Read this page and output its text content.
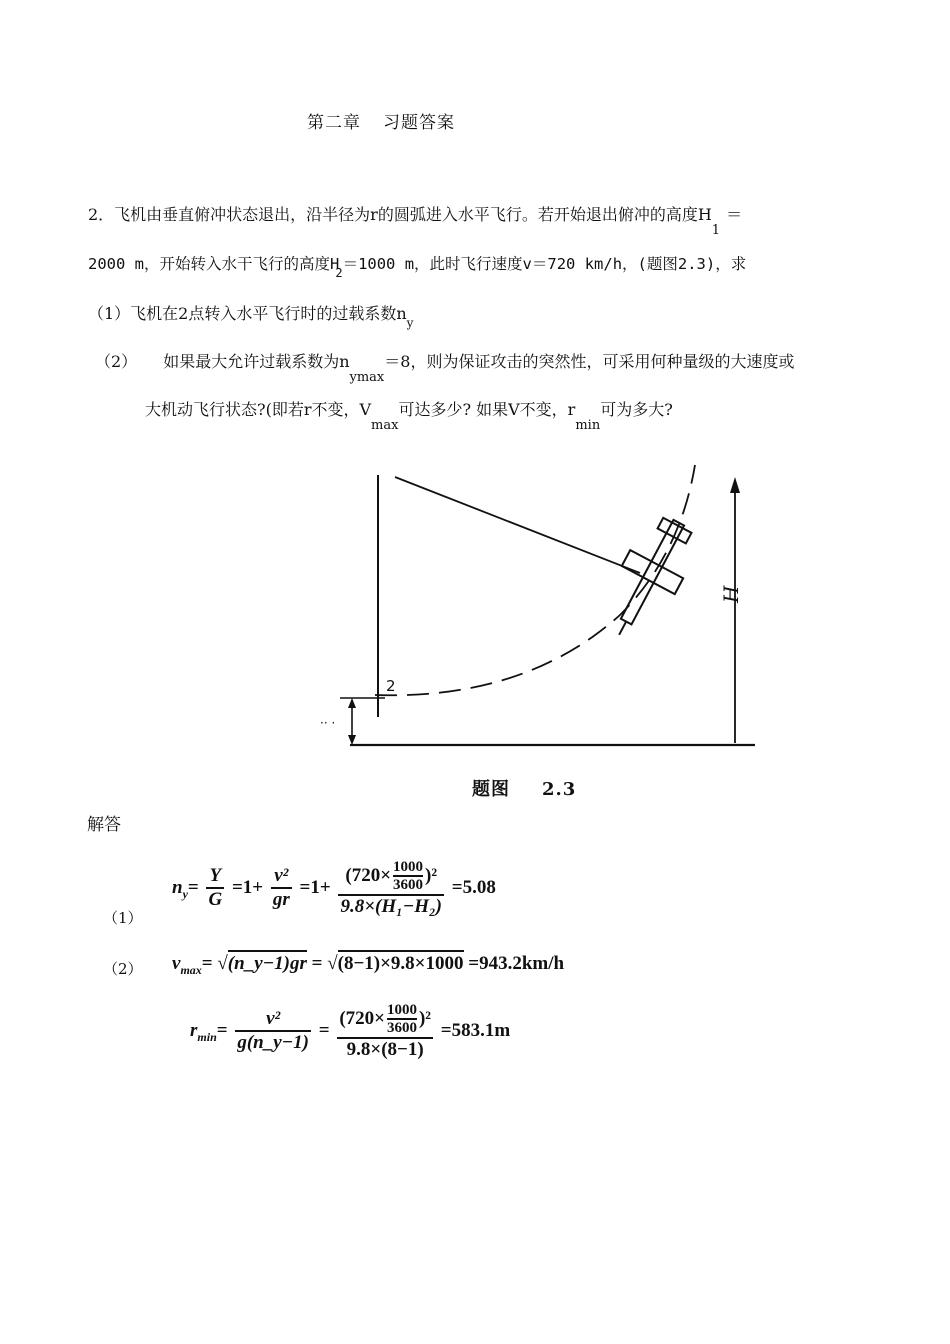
第二章 习题答案
2．飞机由垂直俯冲状态退出，沿半径为r的圆弧进入水平飞行。若开始退出俯冲的高度$H_1=$
2000 m，开始转入水干飞行的高度$H_2=1000$ m，此时飞行速度v＝720 km/h，(题图2.3)，求
（1）飞机在2点转入水平飞行时的过载系数$n_y$
（2） 如果最大允许过载系数为$n_{ymax}=8$，则为保证攻击的突然性，可采用何种量级的大速度或
大机动飞行状态?(即若r不变，$V_{max}$可达多少? 如果V不变，$r_{min}$可为多大?
2
·· ·
H
题图 2.3
解答
（1）
$n_y= \frac{Y}{G} =1+ \frac{\text{v²}}{gr} =1+ \frac{(720\times \frac{1000}{3600} )^2}{\text{9.8×(H₁−H₂)}} =5.08$
（2） $v_{max}=$ √(n_y−1)gr = √(8−1)×9.8×1000 =943.2km/h
$r_{min}= \frac{\text{v²}}{g(n\_y-1)} = \frac{(720\times \frac{1000}{3600} )^2}{9.8\times(8-1)} =583.1m$
